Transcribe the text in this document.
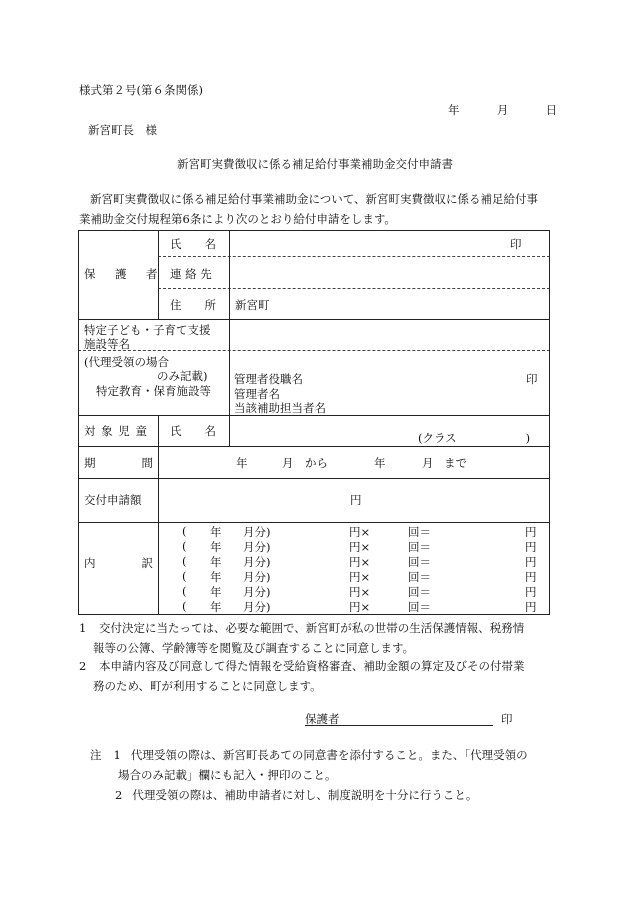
様式第２号(第６条関係)
年	月	日
新宮町長　様
新宮町実費徴収に係る補足給付事業補助金交付申請書

新宮町実費徴収に係る補足給付事業補助金について、新宮町実費徴収に係る補足給付事

業補助金交付規程第6条により次のとおり給付申請をします。
保　護　者
氏　　名	印
連 絡 先
住　　所 新宮町
特定子ども・子育て支援
施設等名
(代理受領の場合
のみ記載)
特定教育・保育施設等
管理者役職名	印
管理者名
当該補助担当者名
対 象 児 童 氏　　名	(クラス　　　　　　)
期　　　　間	年	月 から	年	月 まで
交付申請額	円
内　　　　訳
( 年 月分)	円×	回＝	円
( 年 月分)	円×	回＝	円
( 年 月分)	円×	回＝	円
( 年 月分)	円×	回＝	円
( 年 月分)	円×	回＝	円
( 年 月分)	円×	回＝	円
1 交付決定に当たっては、必要な範囲で、新宮町が私の世帯の生活保護情報、税務情
報等の公簿、学齢簿等を閲覧及び調査することに同意します。
2 本申請内容及び同意して得た情報を受給資格審査、補助金額の算定及びその付帯業
務のため、町が利用することに同意します。
保護者	印
注 1 代理受領の際は、新宮町長あての同意書を添付すること。また、「代理受領の
場合のみ記載」欄にも記入・押印のこと。
2 代理受領の際は、補助申請者に対し、制度説明を十分に行うこと。
